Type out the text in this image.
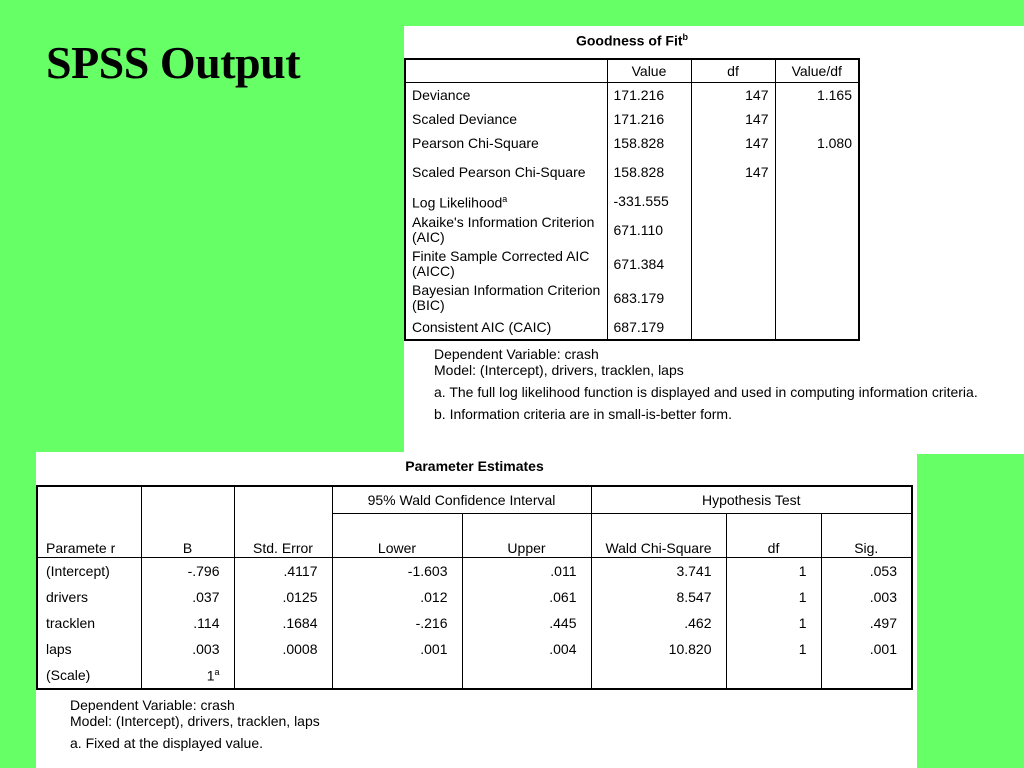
SPSS Output	Goodness of Fit$^b$
	Value	df	Value/df
Deviance	171.216	147	1.165
Scaled Deviance	171.216	147	
Pearson Chi-Square	158.828	147	1.080
Scaled Pearson Chi-Square	158.828	147	
Log Likelihood$^a$	-331.555		
Akaike's Information Criterion (AIC)	671.110		
Finite Sample Corrected AIC (AICC)	671.384		
Bayesian Information Criterion (BIC)	683.179		
Consistent AIC (CAIC)	687.179		

Dependent Variable: crash

Model: (Intercept), drivers, tracklen, laps

a. The full log likelihood function is displayed and used in computing information criteria.

b. Information criteria are in small-is-better form.

Parameter Estimates
			95% Wald Confidence Interval		Hypothesis Test		
Paramete r	B	Std. Error	Lower	Upper	Wald Chi-Square	df	Sig.
(Intercept)	-.796	.4117	-1.603	.011	3.741	1	.053
drivers	.037	.0125	.012	.061	8.547	1	.003
tracklen	.114	.1684	-.216	.445	.462	1	.497
laps	.003	.0008	.001	.004	10.820	1	.001
(Scale)	1$^a$						

Dependent Variable: crash

Model: (Intercept), drivers, tracklen, laps

a. Fixed at the displayed value.
